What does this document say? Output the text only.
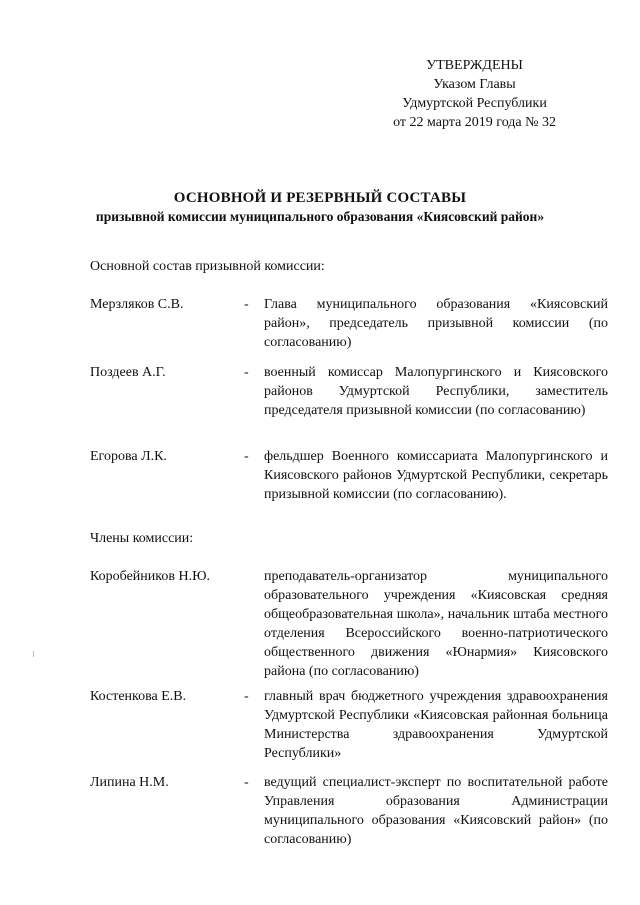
УТВЕРЖДЕНЫ
Указом Главы
Удмуртской Республики
от 22 марта 2019 года № 32
ОСНОВНОЙ И РЕЗЕРВНЫЙ СОСТАВЫ
призывной комиссии муниципального образования «Киясовский район»
Основной состав призывной комиссии:
Мерзляков С.В.	- Глава муниципального образования «Киясовский район», председатель призывной комиссии (по согласованию)
Поздеев А.Г.	- военный комиссар Малопургинского и Киясовского районов Удмуртской Республики, заместитель председателя призывной комиссии (по согласованию)
Егорова Л.К.	- фельдшер Военного комиссариата Малопургинского и Киясовского районов Удмуртской Республики, секретарь призывной комиссии (по согласованию).
Члены комиссии:
Коробейников Н.Ю.	преподаватель-организатор муниципального образовательного учреждения «Киясовская средняя общеобразовательная школа», начальник штаба местного отделения Всероссийского военно-патриотического общественного движения «Юнармия» Киясовского района (по согласованию)
Костенкова Е.В.	- главный врач бюджетного учреждения здравоохранения Удмуртской Республики «Киясовская районная больница Министерства здравоохранения Удмуртской Республики»
Липина Н.М.	- ведущий специалист-эксперт по воспитательной работе Управления образования Администрации муниципального образования «Киясовский район» (по согласованию)
